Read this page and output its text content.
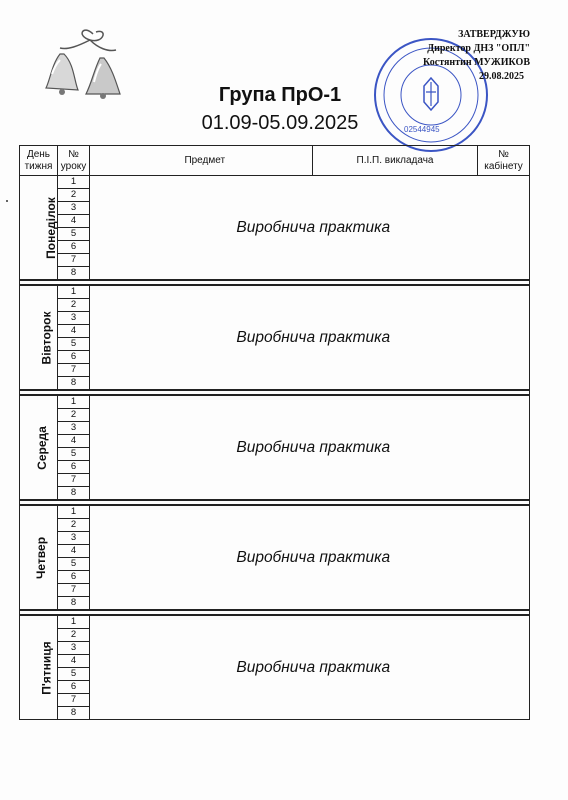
02544945
ЗАТВЕРДЖУЮ
Директор ДНЗ "ОПЛ"
Костянтин МУЖИКОВ
29.08.2025
Група ПрО-1
01.09-05.09.2025
День тижня	№ уроку		Предмет	П.І.П. викладача	№ кабінету
Понеділок	1		Виробнича практика		
	2				
	3				
	4				
	5				
	6				
	7				
	8				

Вівторок	1		Виробнича практика		
	2				
	3				
	4				
	5				
	6				
	7				
	8				

Середа	1		Виробнича практика		
	2				
	3				
	4				
	5				
	6				
	7				
	8				

Четвер	1		Виробнича практика		
	2				
	3				
	4				
	5				
	6				
	7				
	8				

П'ятниця	1		Виробнича практика		
	2				
	3				
	4				
	5				
	6				
	7				
	8				
